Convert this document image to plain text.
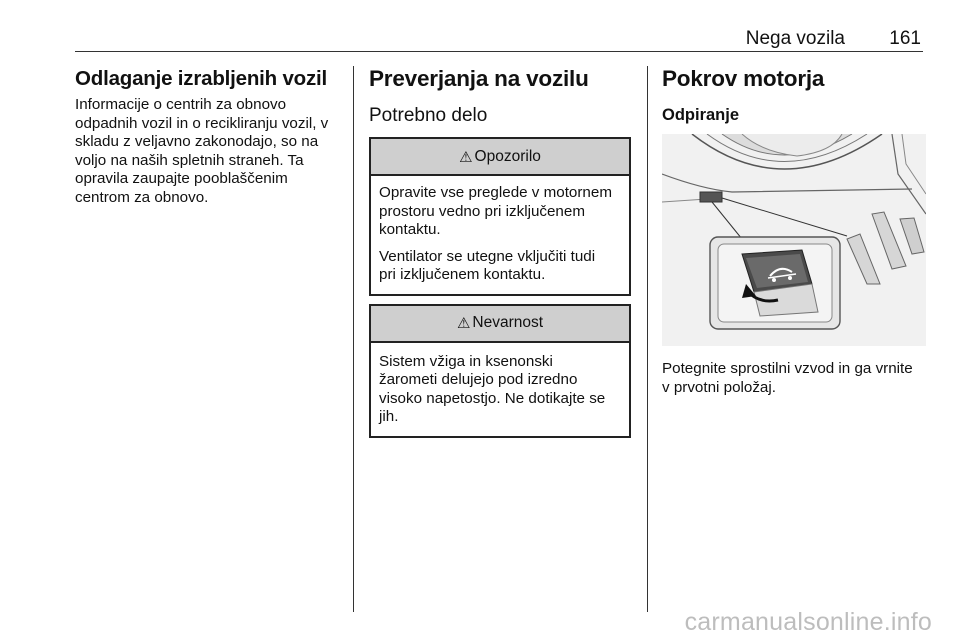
Nega vozila 161
Odlaganje izrabljenih vozil
Informacije o centrih za obnovo
odpadnih vozil in o recikliranju vozil, v
skladu z veljavno zakonodajo, so na
voljo na naših spletnih straneh. Ta
opravila zaupajte pooblaščenim
centrom za obnovo.
Preverjanja na vozilu
Potrebno delo
⚠ Opozorilo
Opravite vse preglede v motornem
prostoru vedno pri izključenem
kontaktu.
Ventilator se utegne vključiti tudi
pri izključenem kontaktu.
⚠ Nevarnost
Sistem vžiga in ksenonski
žarometi delujejo pod izredno
visoko napetostjo. Ne dotikajte se
jih.
Pokrov motorja
Odpiranje
Potegnite sprostilni vzvod in ga vrnite
v prvotni položaj.
carmanualsonline.info
